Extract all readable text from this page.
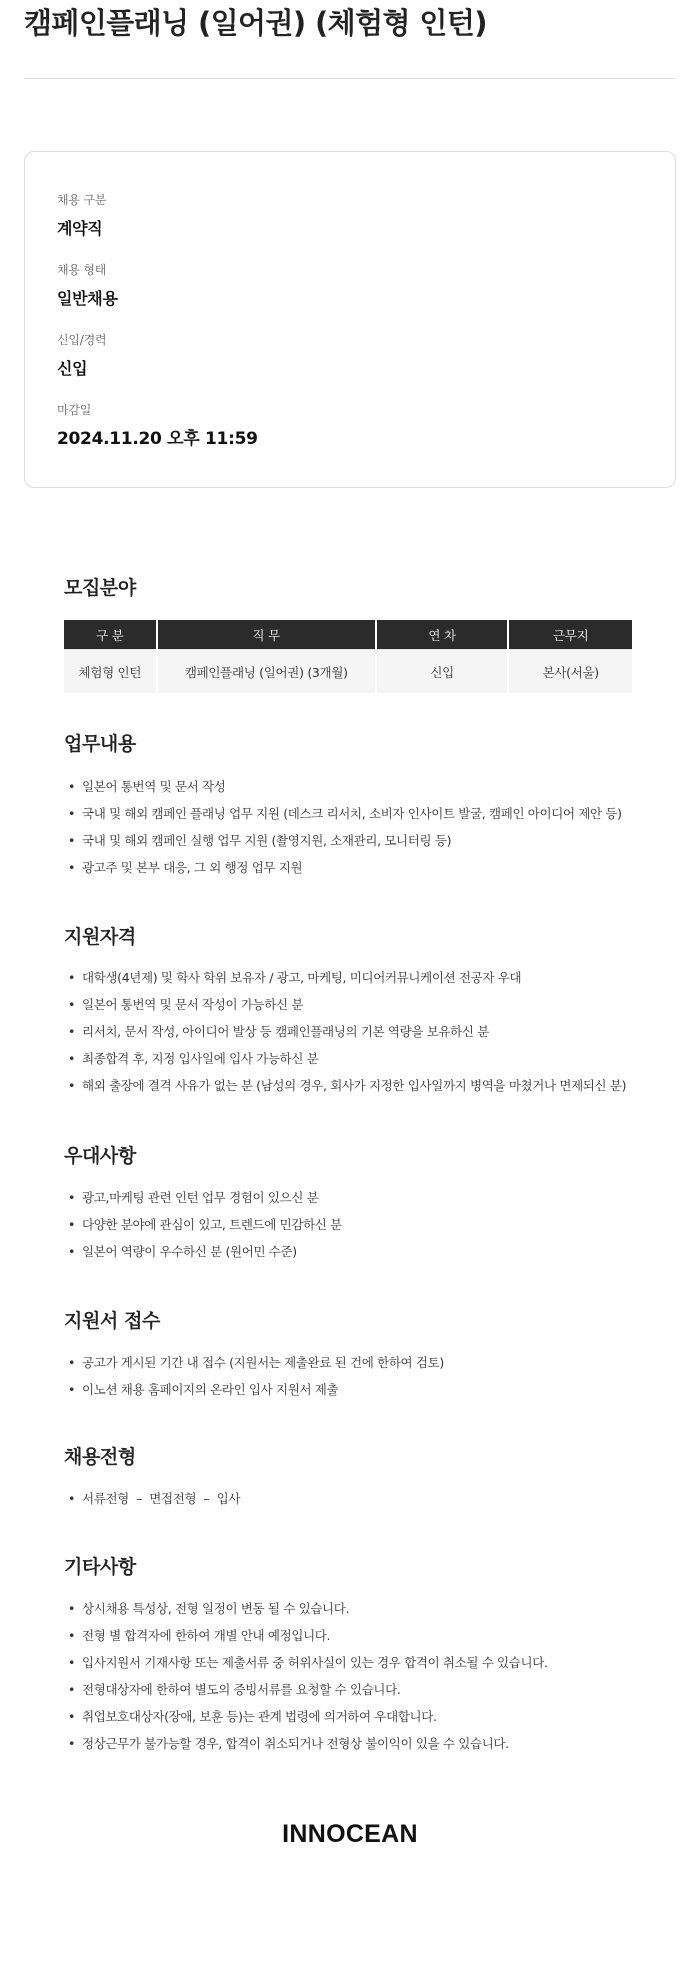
캠페인플래닝 (일어권) (체험형 인턴)
채용 구분
계약직
채용 형태
일반채용
신입/경력
신입
마감일
2024.11.20 오후 11:59
모집분야
구 분	직 무	연 차	근무지
체험형 인턴	캠페인플래닝 (일어권) (3개월)	신입	본사(서울)
업무내용
• 일본어 통번역 및 문서 작성
• 국내 및 해외 캠페인 플래닝 업무 지원 (데스크 리서치, 소비자 인사이트 발굴, 캠페인 아이디어 제안 등)
• 국내 및 해외 캠페인 실행 업무 지원 (촬영지원, 소재관리, 모니터링 등)
• 광고주 및 본부 대응, 그 외 행정 업무 지원
지원자격
• 대학생(4년제) 및 학사 학위 보유자 / 광고, 마케팅, 미디어커뮤니케이션 전공자 우대
• 일본어 통번역 및 문서 작성이 가능하신 분
• 리서치, 문서 작성, 아이디어 발상 등 캠페인플래닝의 기본 역량을 보유하신 분
• 최종합격 후, 지정 입사일에 입사 가능하신 분
• 해외 출장에 결격 사유가 없는 분 (남성의 경우, 회사가 지정한 입사일까지 병역을 마쳤거나 면제되신 분)
우대사항
• 광고,마케팅 관련 인턴 업무 경험이 있으신 분
• 다양한 분야에 관심이 있고, 트렌드에 민감하신 분
• 일본어 역량이 우수하신 분 (원어민 수준)
지원서 접수
• 공고가 게시된 기간 내 접수 (지원서는 제출완료 된 건에 한하여 검토)
• 이노션 채용 홈페이지의 온라인 입사 지원서 제출
채용전형
• 서류전형  –  면접전형  –  입사
기타사항
• 상시채용 특성상, 전형 일정이 변동 될 수 있습니다.
• 전형 별 합격자에 한하여 개별 안내 예정입니다.
• 입사지원서 기재사항 또는 제출서류 중 허위사실이 있는 경우 합격이 취소될 수 있습니다.
• 전형대상자에 한하여 별도의 증빙서류를 요청할 수 있습니다.
• 취업보호대상자(장애, 보훈 등)는 관계 법령에 의거하여 우대합니다.
• 정상근무가 불가능할 경우, 합격이 취소되거나 전형상 불이익이 있을 수 있습니다.
INNOCEAN
